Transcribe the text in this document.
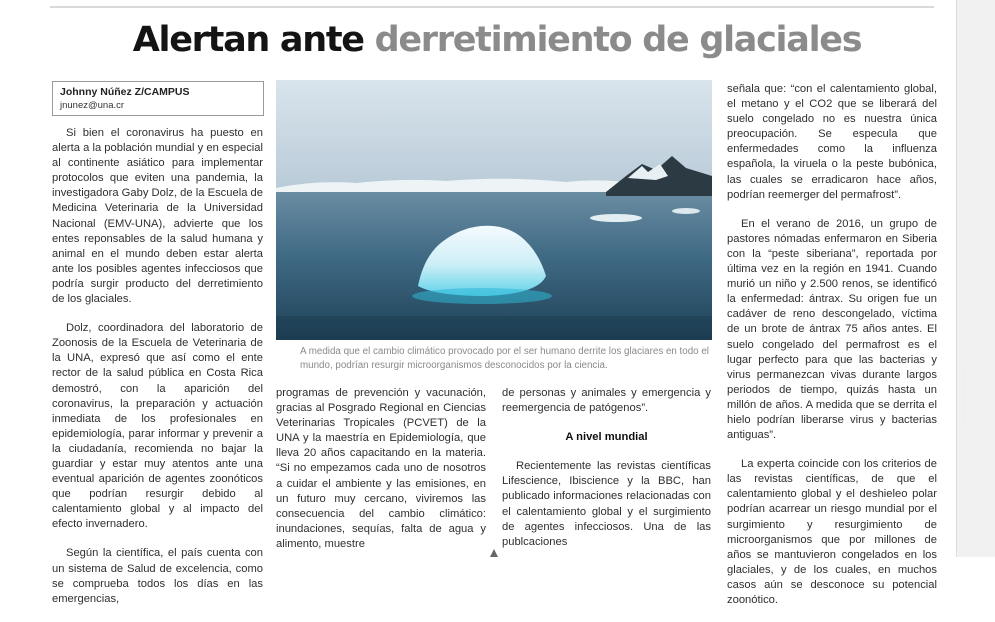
Alertan ante derretimiento de glaciales
Johnny Núñez Z/CAMPUS
jnunez@una.cr

Si bien el coronavirus ha puesto en alerta a la población mundial y en especial al continente asiático para implementar protocolos que eviten una pandemia, la investigadora Gaby Dolz, de la Escuela de Medicina Veterinaria de la Universidad Nacional (EMV-UNA), advierte que los entes reponsables de la salud humana y animal en el mundo deben estar alerta ante los posibles agentes infecciosos que podría surgir producto del derretimiento de los glaciales.

Dolz, coordinadora del laboratorio de Zoonosis de la Escuela de Veterinaria de la UNA, expresó que así como el ente rector de la salud pública en Costa Rica demostró, con la aparición del coronavirus, la preparación y actuación inmediata de los profesionales en epidemiología, parar informar y prevenir a la ciudadanía, recomienda no bajar la guardiar y estar muy atentos ante una eventual aparición de agentes zoonóticos que podrían resurgir debido al calentamiento global y al impacto del efecto invernadero.

Según la científica, el país cuenta con un sistema de Salud de excelencia, como se comprueba todos los días en las emergencias,

foto: Myrna Patterson
A medida que el cambio climático provocado por el ser humano derrite los glaciares en todo el mundo, podrían resurgir microorganismos desconocidos por la ciencia.

programas de prevención y vacunación, gracias al Posgrado Regional en Ciencias Veterinarias Tropicales (PCVET) de la UNA y la maestría en Epidemiología, que lleva 20 años capacitando en la materia. “Si no empezamos cada uno de nosotros a cuidar el ambiente y las emisiones, en un futuro muy cercano, viviremos las consecuencia del cambio climático: inundaciones, sequías, falta de agua y alimento, muestre

de personas y animales y emergencia y reemergencia de patógenos”.

A nivel mundial

Recientemente las revistas científicas Lifescience, Ibiscience y la BBC, han publicado informaciones relacionadas con el calentamiento global y el surgimiento de agentes infecciosos. Una de las publcaciones

señala que: “con el calentamiento global, el metano y el CO2 que se liberará del suelo congelado no es nuestra única preocupación. Se especula que enfermedades como la influenza española, la viruela o la peste bubónica, las cuales se erradicaron hace años, podrían reemerger del permafrost”.

En el verano de 2016, un grupo de pastores nómadas enfermaron en Siberia con la “peste siberiana”, reportada por última vez en la región en 1941. Cuando murió un niño y 2.500 renos, se identificó la enfermedad: ántrax. Su origen fue un cadáver de reno descongelado, víctima de un brote de ántrax 75 años antes. El suelo congelado del permafrost es el lugar perfecto para que las bacterias y virus permanezcan vivas durante largos periodos de tiempo, quizás hasta un millón de años. A medida que se derrita el hielo podrían liberarse virus y bacterias antiguas”.

La experta coincide con los criterios de las revistas científicas, de que el calentamiento global y el deshieleo polar podrían acarrear un riesgo mundial por el surgimiento y resurgimiento de microorganismos que por millones de años se mantuvieron congelados en los glaciales, y de los cuales, en muchos casos aún se desconoce su potencial zoonótico.
